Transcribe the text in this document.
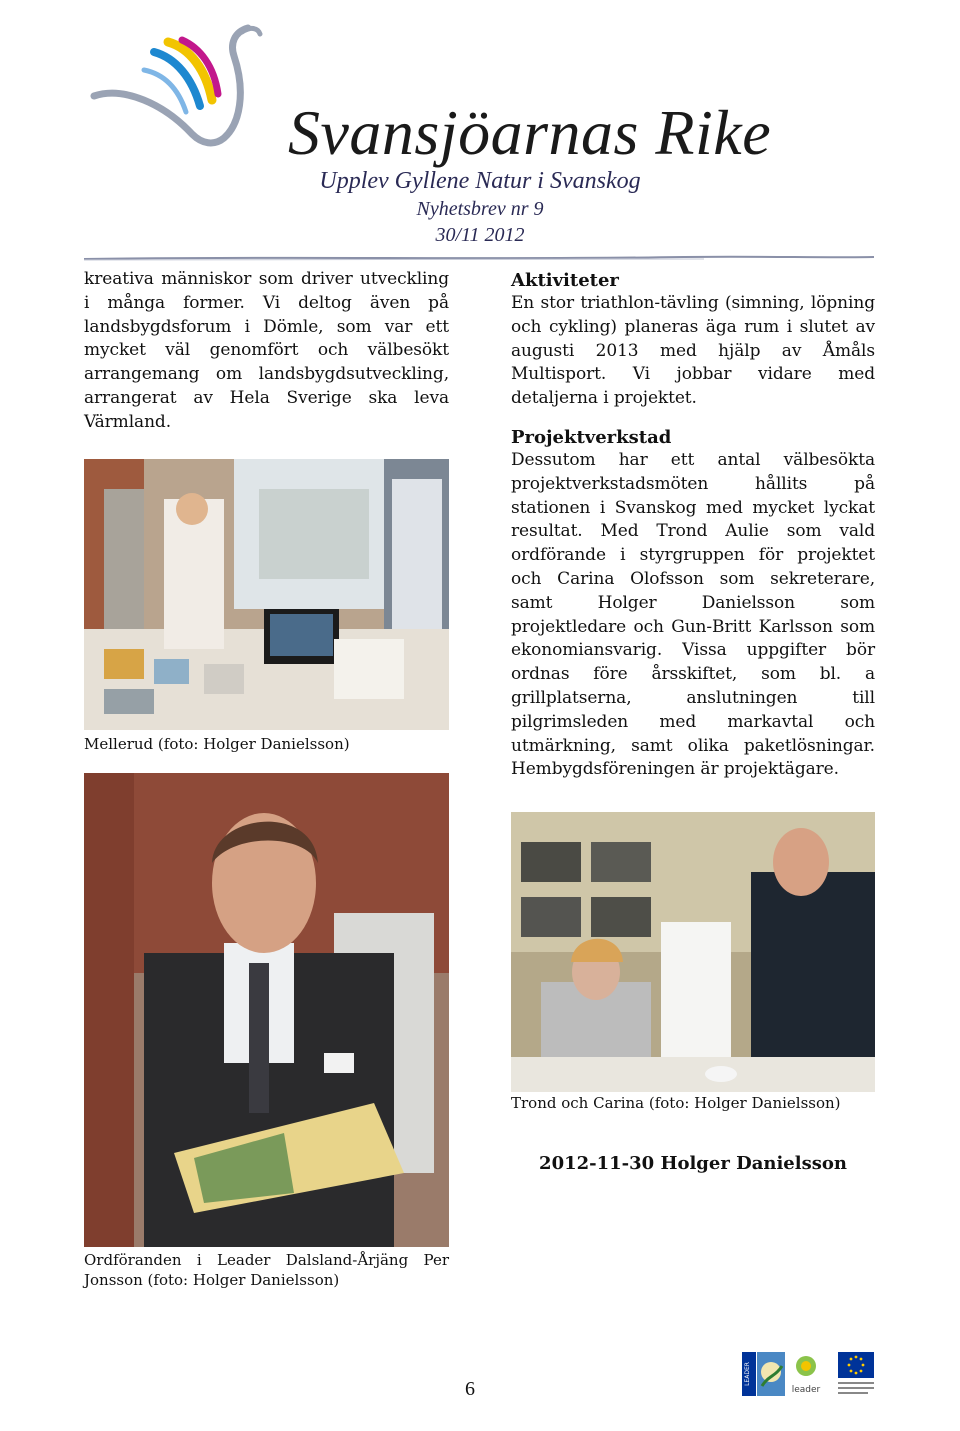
Svansjöarnas Rike
Upplev Gyllene Natur i Svanskog
Nyhetsbrev nr 9
30/11 2012
kreativa människor som driver utveckling i många former. Vi deltog även på landsbygdsforum i Dömle, som var ett mycket väl genomfört och välbesökt arrangemang om landsbygdsutveckling, arrangerat av Hela Sverige ska leva Värmland.
Mellerud (foto: Holger Danielsson)
Ordföranden i Leader Dalsland-Årjäng Per Jonsson (foto: Holger Danielsson)
Aktiviteter
En stor triathlon-tävling (simning, löpning och cykling) planeras äga rum i slutet av augusti 2013 med hjälp av Åmåls Multisport. Vi jobbar vidare med detaljerna i projektet.
Projektverkstad
Dessutom har ett antal välbesökta projektverkstadsmöten hållits på stationen i Svanskog med mycket lyckat resultat. Med Trond Aulie som vald ordförande i styrgruppen för projektet och Carina Olofsson som sekreterare, samt Holger Danielsson som projektledare och Gun-Britt Karlsson som ekonomiansvarig. Vissa uppgifter bör ordnas före årsskiftet, som bl. a grillplatserna, anslutningen till pilgrimsleden med markavtal och utmärkning, samt olika paketlösningar. Hembygdsföreningen är projektägare.
Trond och Carina (foto: Holger Danielsson)
2012-11-30 Holger Danielsson
6
LEADER
leader
